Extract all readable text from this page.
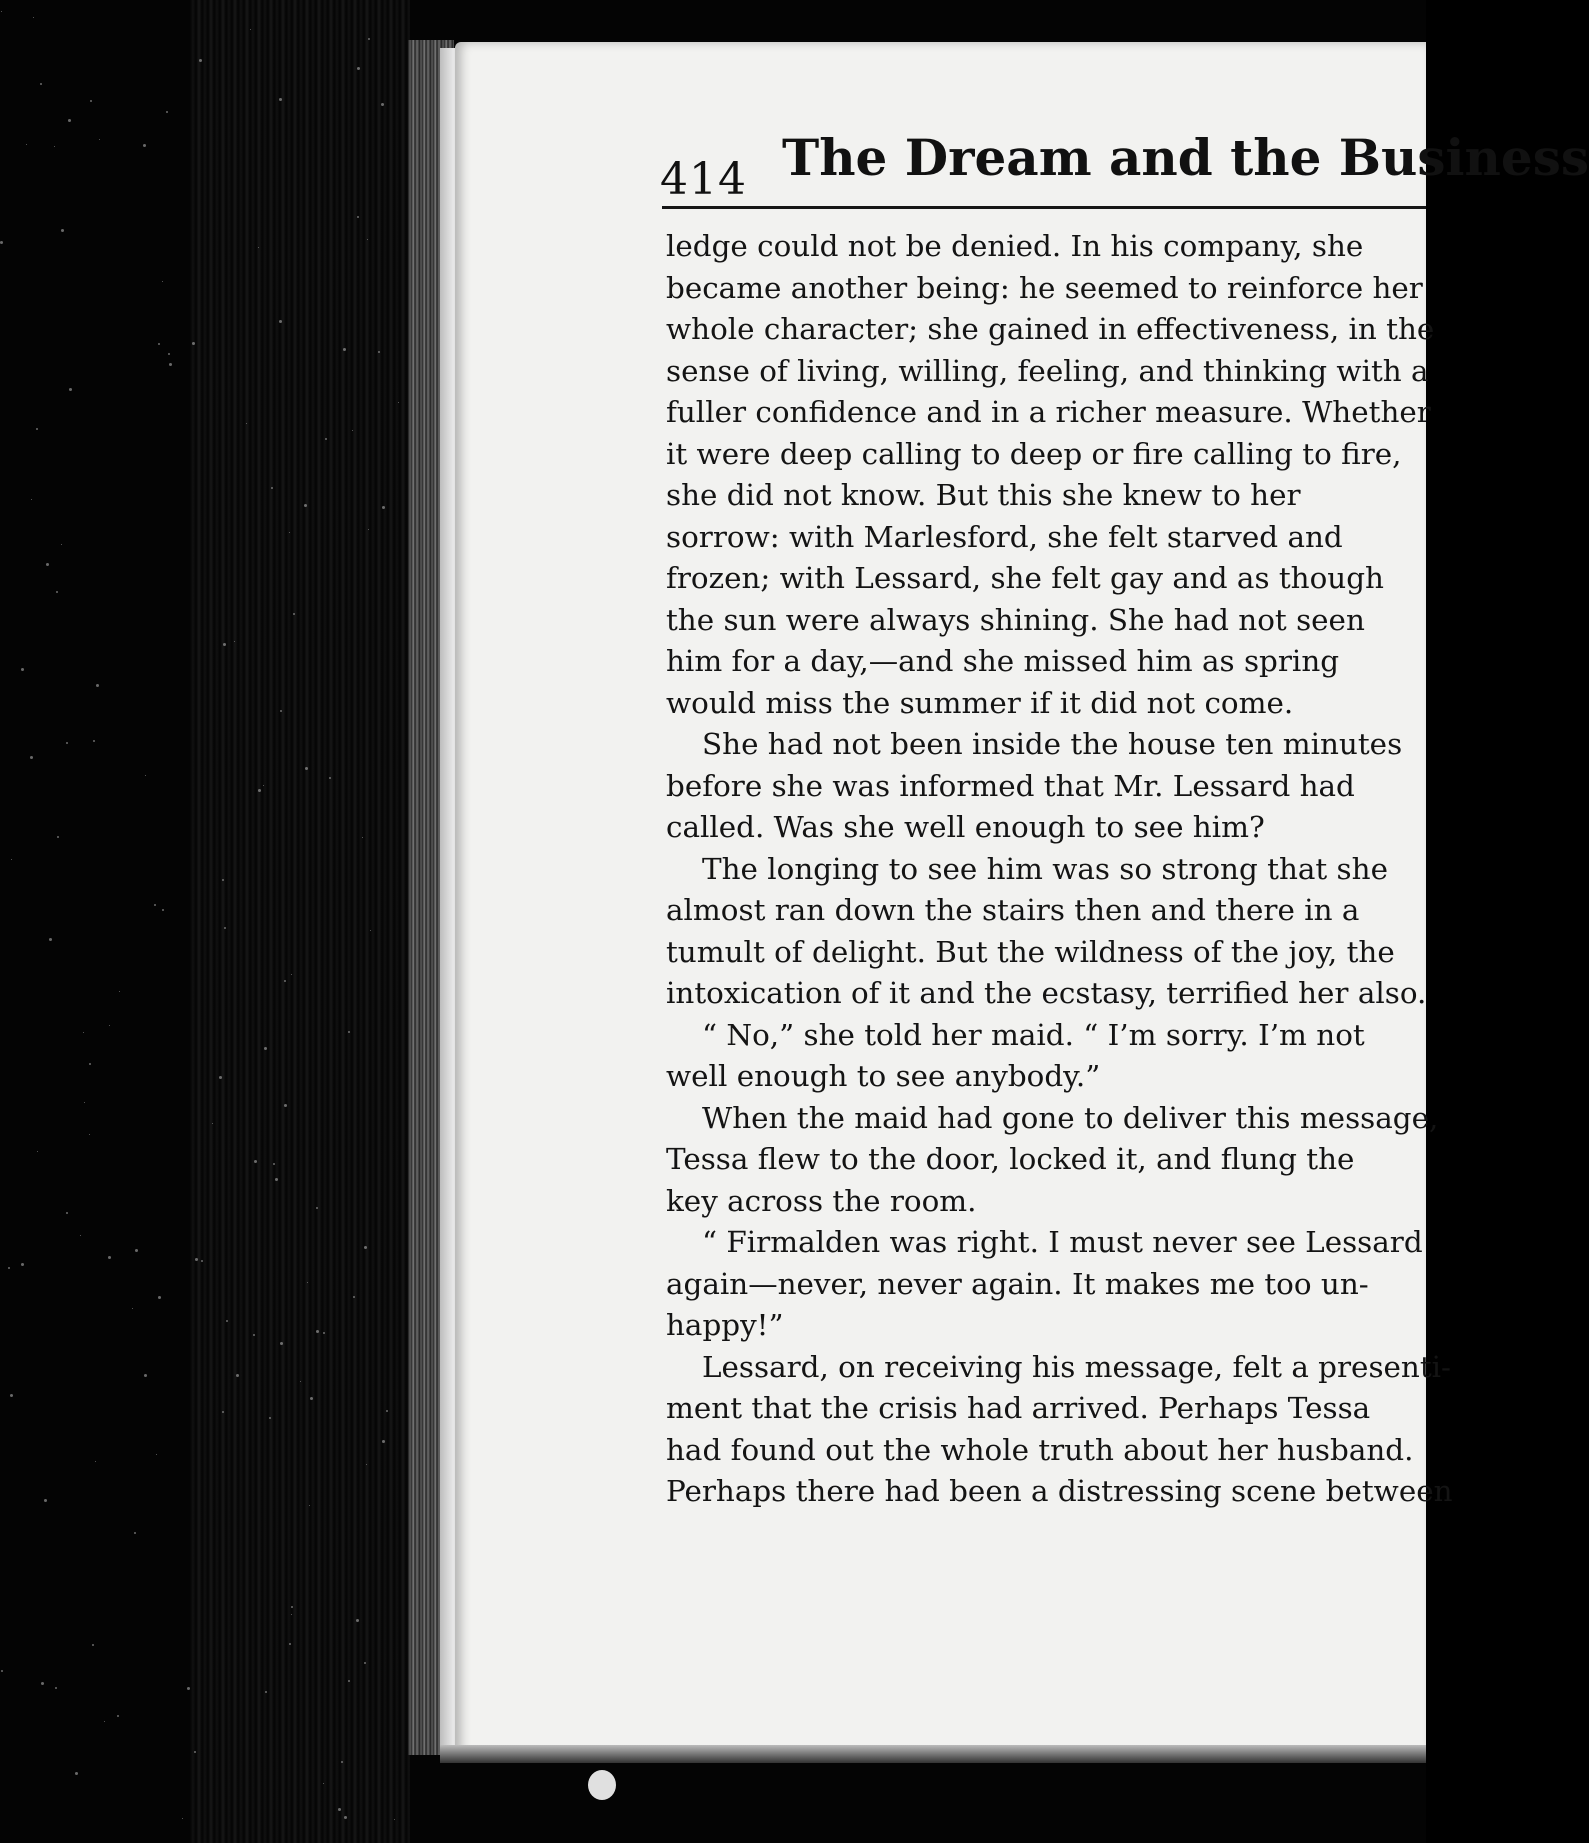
414 The Dream and the Business
ledge could not be denied. In his company, she
became another being: he seemed to reinforce her
whole character; she gained in effectiveness, in the
sense of living, willing, feeling, and thinking with a
fuller confidence and in a richer measure. Whether
it were deep calling to deep or fire calling to fire,
she did not know. But this she knew to her
sorrow: with Marlesford, she felt starved and
frozen; with Lessard, she felt gay and as though
the sun were always shining. She had not seen
him for a day,—and she missed him as spring
would miss the summer if it did not come.
She had not been inside the house ten minutes
before she was informed that Mr. Lessard had
called. Was she well enough to see him?
The longing to see him was so strong that she
almost ran down the stairs then and there in a
tumult of delight. But the wildness of the joy, the
intoxication of it and the ecstasy, terrified her also.
“ No,” she told her maid. “ I’m sorry. I’m not
well enough to see anybody.”
When the maid had gone to deliver this message,
Tessa flew to the door, locked it, and flung the
key across the room.
“ Firmalden was right. I must never see Lessard
again—never, never again. It makes me too un-
happy!”
Lessard, on receiving his message, felt a presenti-
ment that the crisis had arrived. Perhaps Tessa
had found out the whole truth about her husband.
Perhaps there had been a distressing scene between
